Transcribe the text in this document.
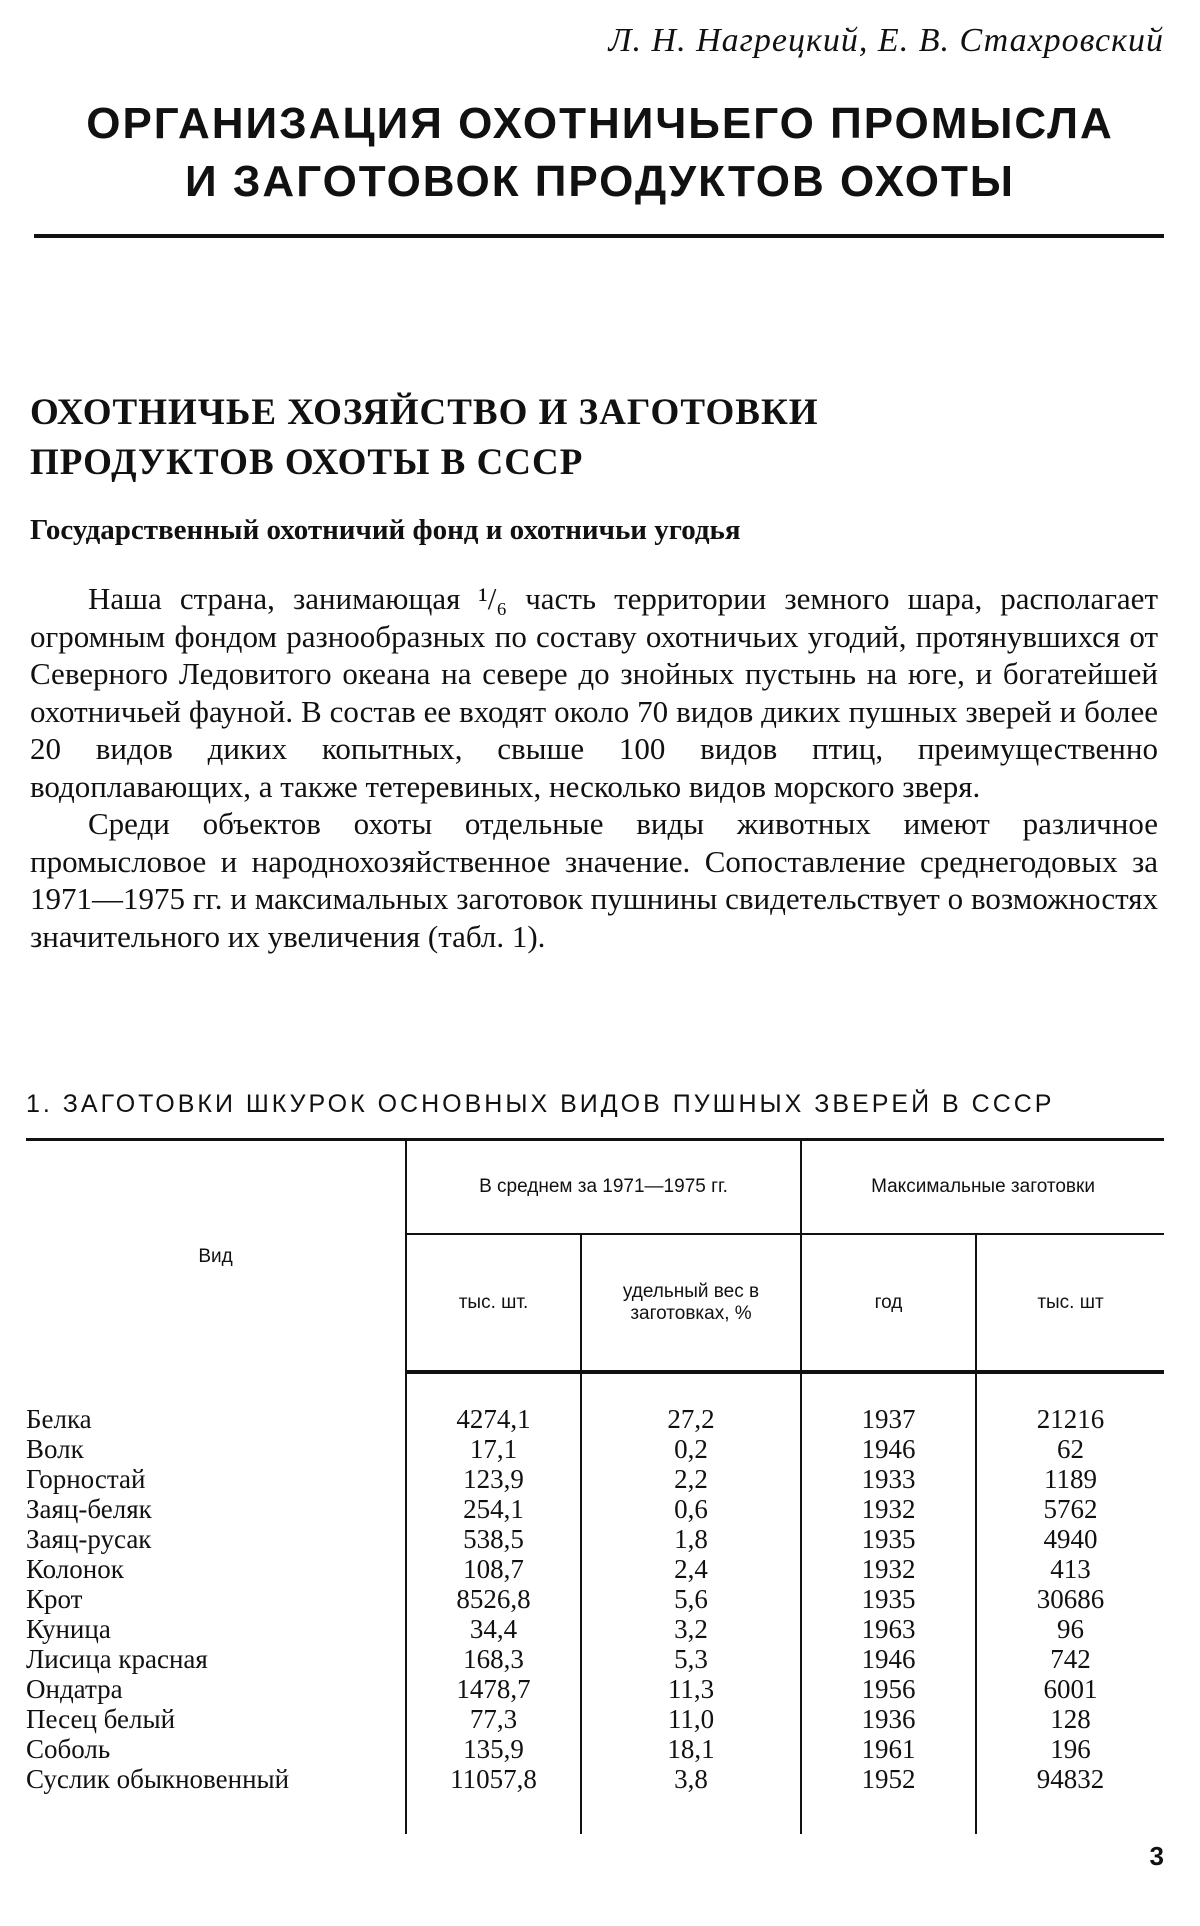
Л. Н. Нагрецкий, Е. В. Стахровский
ОРГАНИЗАЦИЯ ОХОТНИЧЬЕГО ПРОМЫСЛА
И ЗАГОТОВОК ПРОДУКТОВ ОХОТЫ
ОХОТНИЧЬЕ ХОЗЯЙСТВО И ЗАГОТОВКИ
ПРОДУКТОВ ОХОТЫ В СССР
Государственный охотничий фонд и охотничьи угодья

Наша страна, занимающая ¹/₆ часть территории земного шара, располагает огромным фондом разнообразных по составу охотничьих угодий, протянувшихся от Северного Ледовитого океана на севере до знойных пустынь на юге, и богатейшей охотничьей фауной. В состав ее входят около 70 видов диких пушных зверей и более 20 видов диких копытных, свыше 100 видов птиц, преимущественно водоплавающих, а также тетеревиных, несколько видов морского зверя.

Среди объектов охоты отдельные виды животных имеют различное промысловое и народнохозяйственное значение. Сопоставление среднегодовых за 1971—1975 гг. и максимальных заготовок пушнины свидетельствует о возможностях значительного их увеличения (табл. 1).

1. ЗАГОТОВКИ ШКУРОК ОСНОВНЫХ ВИДОВ ПУШНЫХ ЗВЕРЕЙ В СССР
Вид	В среднем за 1971—1975 гг.		Максимальные заготовки	
	тыс. шт.	удельный вес в заготовках, %	год	тыс. шт

Белка	4274,1	27,2	1937	21216
Волк	17,1	0,2	1946	62
Горностай	123,9	2,2	1933	1189
Заяц-беляк	254,1	0,6	1932	5762
Заяц-русак	538,5	1,8	1935	4940
Колонок	108,7	2,4	1932	413
Крот	8526,8	5,6	1935	30686
Куница	34,4	3,2	1963	96
Лисица красная	168,3	5,3	1946	742
Ондатра	1478,7	11,3	1956	6001
Песец белый	77,3	11,0	1936	128
Соболь	135,9	18,1	1961	196
Суслик обыкновенный	11057,8	3,8	1952	94832
3
